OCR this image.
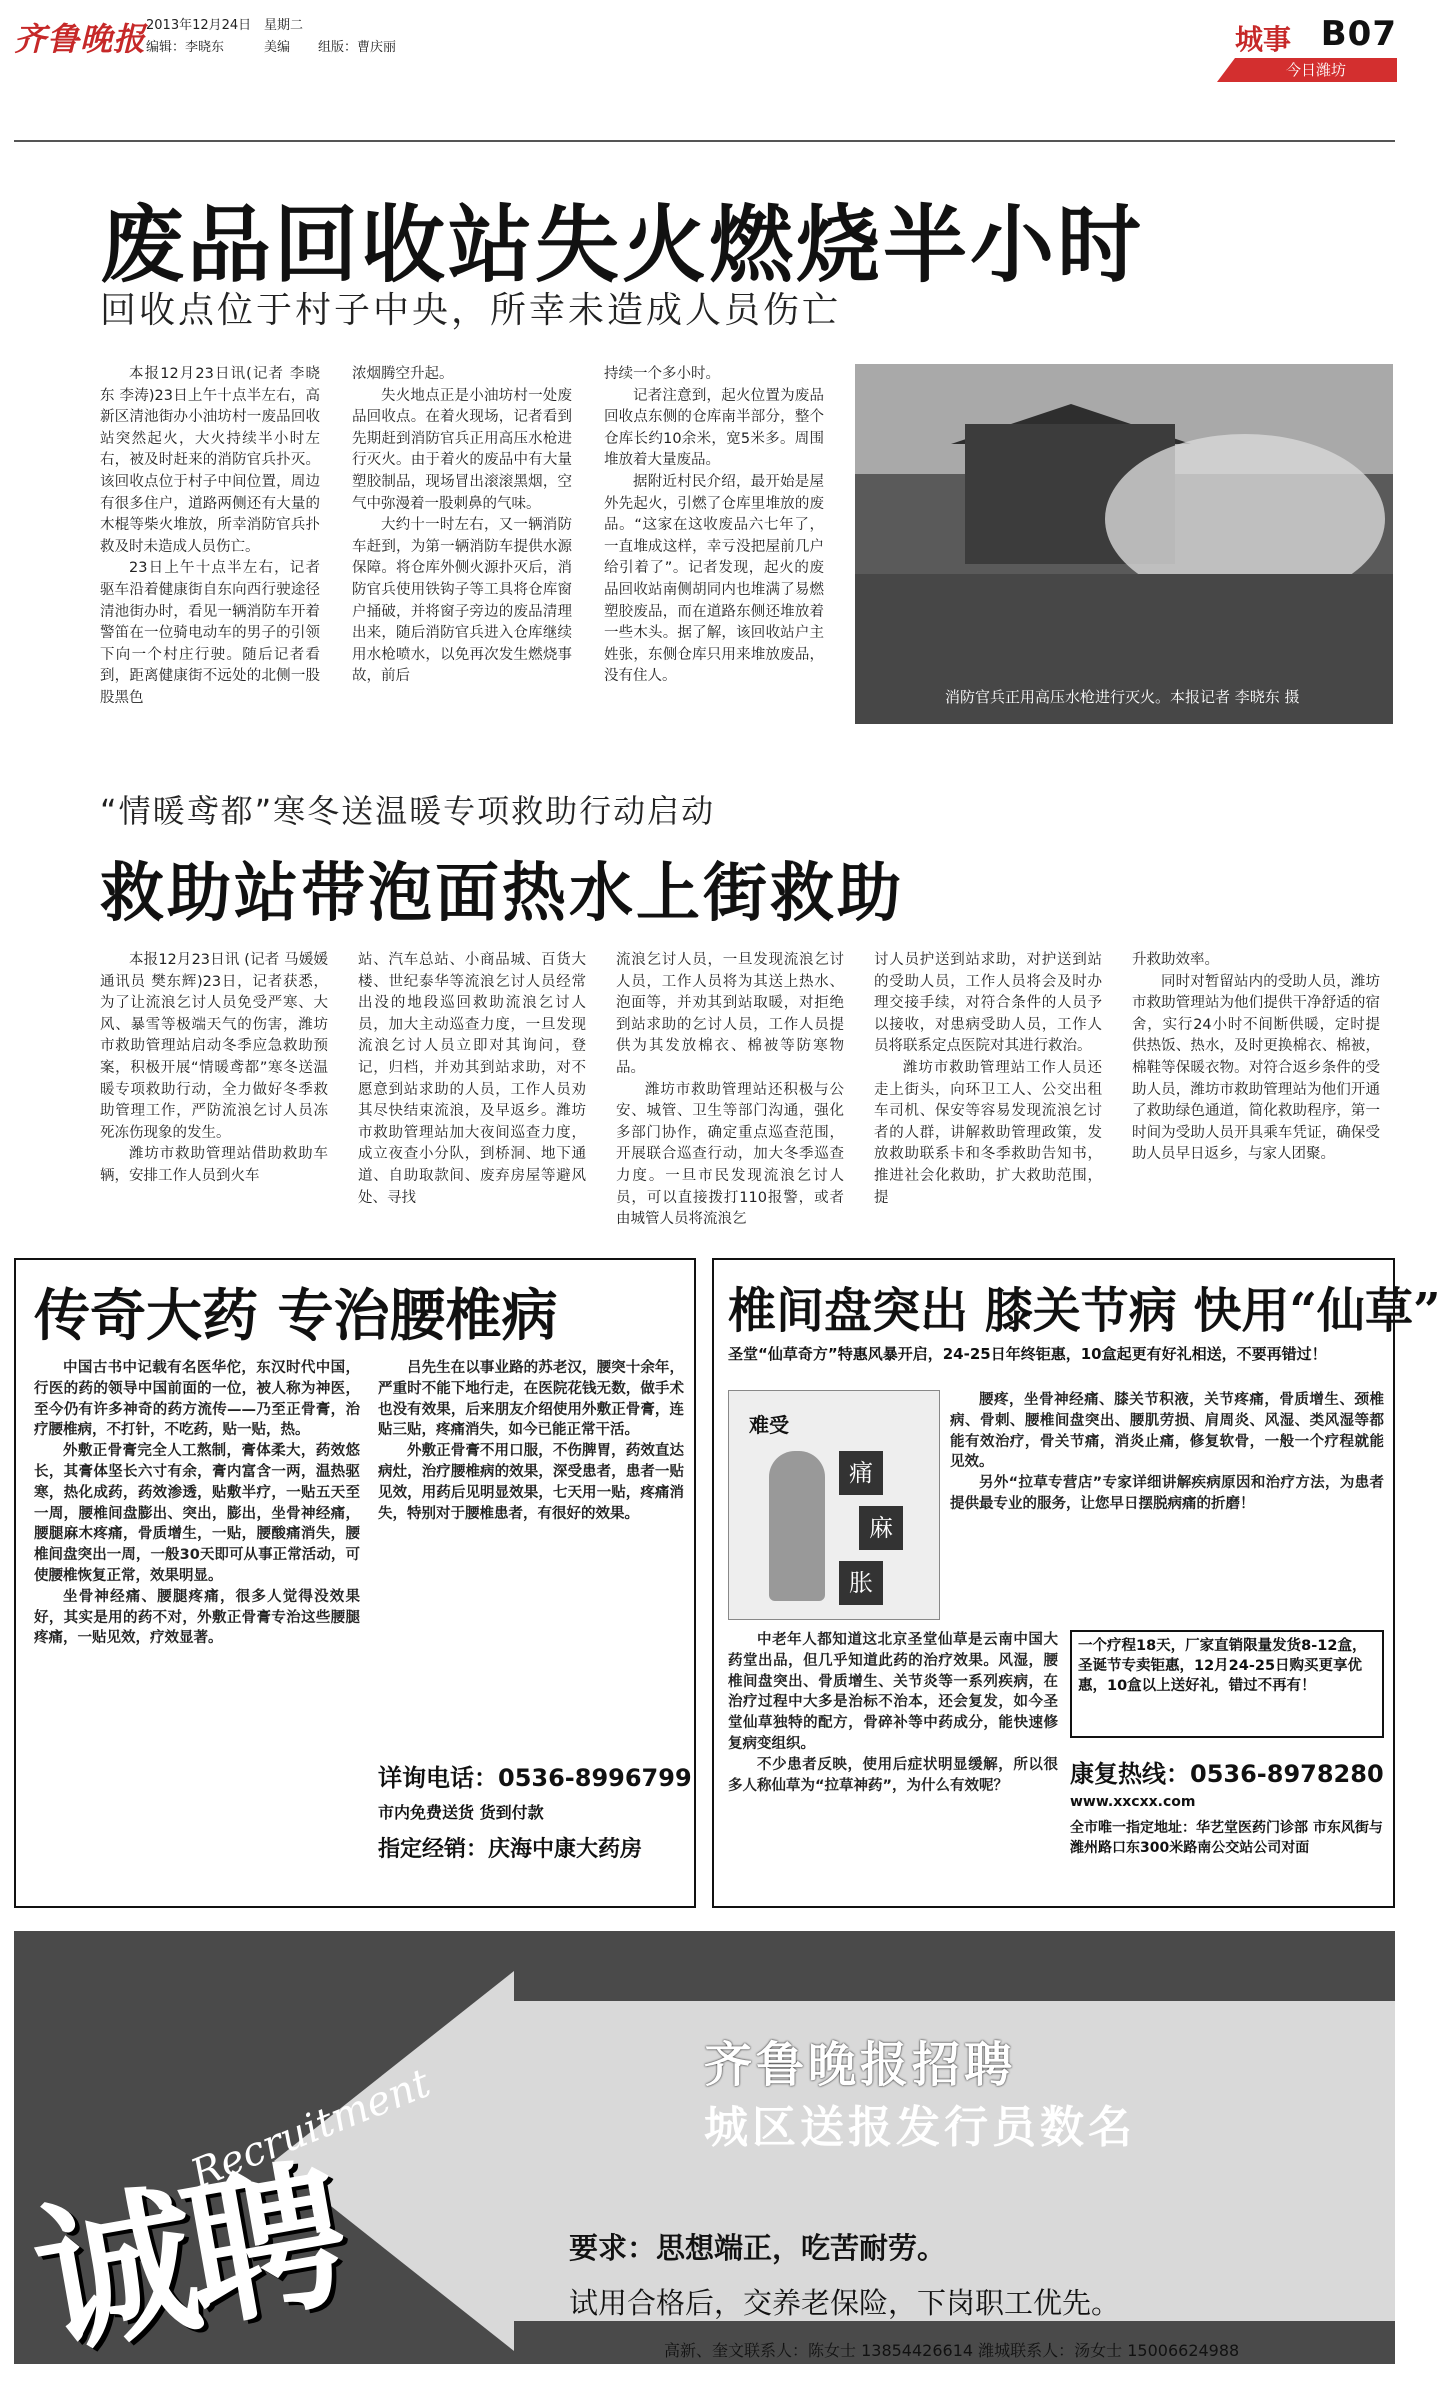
齐鲁晚报 2013年12月24日 星期二
编辑：李晓东	美编 组版：曹庆丽	城事 B07
今日潍坊
废品回收站失火燃烧半小时
回收点位于村子中央，所幸未造成人员伤亡

本报12月23日讯(记者 李晓东 李涛)23日上午十点半左右，高新区清池街办小油坊村一废品回收站突然起火，大火持续半小时左右，被及时赶来的消防官兵扑灭。该回收点位于村子中间位置，周边有很多住户，道路两侧还有大量的木棍等柴火堆放，所幸消防官兵扑救及时未造成人员伤亡。

23日上午十点半左右，记者驱车沿着健康街自东向西行驶途径清池街办时，看见一辆消防车开着警笛在一位骑电动车的男子的引领下向一个村庄行驶。随后记者看到，距离健康街不远处的北侧一股股黑色

浓烟腾空升起。

失火地点正是小油坊村一处废品回收点。在着火现场，记者看到先期赶到消防官兵正用高压水枪进行灭火。由于着火的废品中有大量塑胶制品，现场冒出滚滚黑烟，空气中弥漫着一股刺鼻的气味。

大约十一时左右，又一辆消防车赶到，为第一辆消防车提供水源保障。将仓库外侧火源扑灭后，消防官兵使用铁钩子等工具将仓库窗户捅破，并将窗子旁边的废品清理出来，随后消防官兵进入仓库继续用水枪喷水，以免再次发生燃烧事故，前后

持续一个多小时。

记者注意到，起火位置为废品回收点东侧的仓库南半部分，整个仓库长约10余米，宽5米多。周围堆放着大量废品。

据附近村民介绍，最开始是屋外先起火，引燃了仓库里堆放的废品。“这家在这收废品六七年了，一直堆成这样，幸亏没把屋前几户给引着了”。记者发现，起火的废品回收站南侧胡同内也堆满了易燃塑胶废品，而在道路东侧还堆放着一些木头。据了解，该回收站户主姓张，东侧仓库只用来堆放废品，没有住人。

消防官兵正用高压水枪进行灭火。本报记者 李晓东 摄
“情暖鸢都”寒冬送温暖专项救助行动启动
救助站带泡面热水上街救助

本报12月23日讯 (记者 马媛媛 通讯员 樊东辉)23日，记者获悉，为了让流浪乞讨人员免受严寒、大风、暴雪等极端天气的伤害，潍坊市救助管理站启动冬季应急救助预案，积极开展“情暖鸢都”寒冬送温暖专项救助行动，全力做好冬季救助管理工作，严防流浪乞讨人员冻死冻伤现象的发生。

潍坊市救助管理站借助救助车辆，安排工作人员到火车

站、汽车总站、小商品城、百货大楼、世纪泰华等流浪乞讨人员经常出没的地段巡回救助流浪乞讨人员，加大主动巡查力度，一旦发现流浪乞讨人员立即对其询问，登记，归档，并劝其到站求助，对不愿意到站求助的人员，工作人员劝其尽快结束流浪，及早返乡。潍坊市救助管理站加大夜间巡查力度，成立夜查小分队，到桥洞、地下通道、自助取款间、废弃房屋等避风处、寻找

流浪乞讨人员，一旦发现流浪乞讨人员，工作人员将为其送上热水、泡面等，并劝其到站取暖，对拒绝到站求助的乞讨人员，工作人员提供为其发放棉衣、棉被等防寒物品。

潍坊市救助管理站还积极与公安、城管、卫生等部门沟通，强化多部门协作，确定重点巡查范围，开展联合巡查行动，加大冬季巡查力度。一旦市民发现流浪乞讨人员，可以直接拨打110报警，或者由城管人员将流浪乞

讨人员护送到站求助，对护送到站的受助人员，工作人员将会及时办理交接手续，对符合条件的人员予以接收，对患病受助人员，工作人员将联系定点医院对其进行救治。

潍坊市救助管理站工作人员还走上街头，向环卫工人、公交出租车司机、保安等容易发现流浪乞讨者的人群，讲解救助管理政策，发放救助联系卡和冬季救助告知书，推进社会化救助，扩大救助范围，提

升救助效率。

同时对暂留站内的受助人员，潍坊市救助管理站为他们提供干净舒适的宿舍，实行24小时不间断供暖，定时提供热饭、热水，及时更换棉衣、棉被，棉鞋等保暖衣物。对符合返乡条件的受助人员，潍坊市救助管理站为他们开通了救助绿色通道，简化救助程序，第一时间为受助人员开具乘车凭证，确保受助人员早日返乡，与家人团聚。

传奇大药 专治腰椎病

中国古书中记载有名医华佗，东汉时代中国，行医的药的领导中国前面的一位，被人称为神医，至今仍有许多神奇的药方流传——乃至正骨膏，治疗腰椎病，不打针，不吃药，贴一贴，热。

外敷正骨膏完全人工熬制，膏体柔大，药效悠长，其膏体坚长六寸有余，膏内富含一两，温热驱寒，热化成药，药效渗透，贴敷半疗，一贴五天至一周，腰椎间盘膨出、突出，膨出，坐骨神经痛，腰腿麻木疼痛，骨质增生，一贴，腰酸痛消失，腰椎间盘突出一周，一般30天即可从事正常活动，可使腰椎恢复正常，效果明显。

坐骨神经痛、腰腿疼痛，很多人觉得没效果好，其实是用的药不对，外敷正骨膏专治这些腰腿疼痛，一贴见效，疗效显著。

吕先生在以事业路的苏老汉，腰突十余年，严重时不能下地行走，在医院花钱无数，做手术也没有效果，后来朋友介绍使用外敷正骨膏，连贴三贴，疼痛消失，如今已能正常干活。

外敷正骨膏不用口服，不伤脾胃，药效直达病灶，治疗腰椎病的效果，深受患者，患者一贴见效，用药后见明显效果，七天用一贴，疼痛消失，特别对于腰椎患者，有很好的效果。

详询电话：0536-8996799
市内免费送货 货到付款
指定经销：庆海中康大药房
椎间盘突出 膝关节病 快用“仙草”
圣堂“仙草奇方”特惠风暴开启，24-25日年终钜惠，10盒起更有好礼相送，不要再错过！
难受
痛
麻
胀

腰疼，坐骨神经痛、膝关节积液，关节疼痛，骨质增生、颈椎病、骨刺、腰椎间盘突出、腰肌劳损、肩周炎、风湿、类风湿等都能有效治疗，骨关节痛，消炎止痛，修复软骨，一般一个疗程就能见效。

另外“拉草专营店”专家详细讲解疾病原因和治疗方法，为患者提供最专业的服务，让您早日摆脱病痛的折磨！

中老年人都知道这北京圣堂仙草是云南中国大药堂出品，但几乎知道此药的治疗效果。风湿，腰椎间盘突出、骨质增生、关节炎等一系列疾病，在治疗过程中大多是治标不治本，还会复发，如今圣堂仙草独特的配方，骨碎补等中药成分，能快速修复病变组织。

不少患者反映，使用后症状明显缓解，所以很多人称仙草为“拉草神药”，为什么有效呢？

一个疗程18天，厂家直销限量发货8-12盒，圣诞节专卖钜惠，12月24-25日购买更享优惠，10盒以上送好礼，错过不再有！
康复热线：0536-8978280
www.xxcxx.com
全市唯一指定地址：华艺堂医药门诊部 市东风街与潍州路口东300米路南公交站公司对面
齐鲁晚报招聘
城区送报发行员数名
Recruitment
诚聘	要求：思想端正，吃苦耐劳。
试用合格后，交养老保险，下岗职工优先。
高新、奎文联系人：陈女士 13854426614 潍城联系人：汤女士 15006624988
